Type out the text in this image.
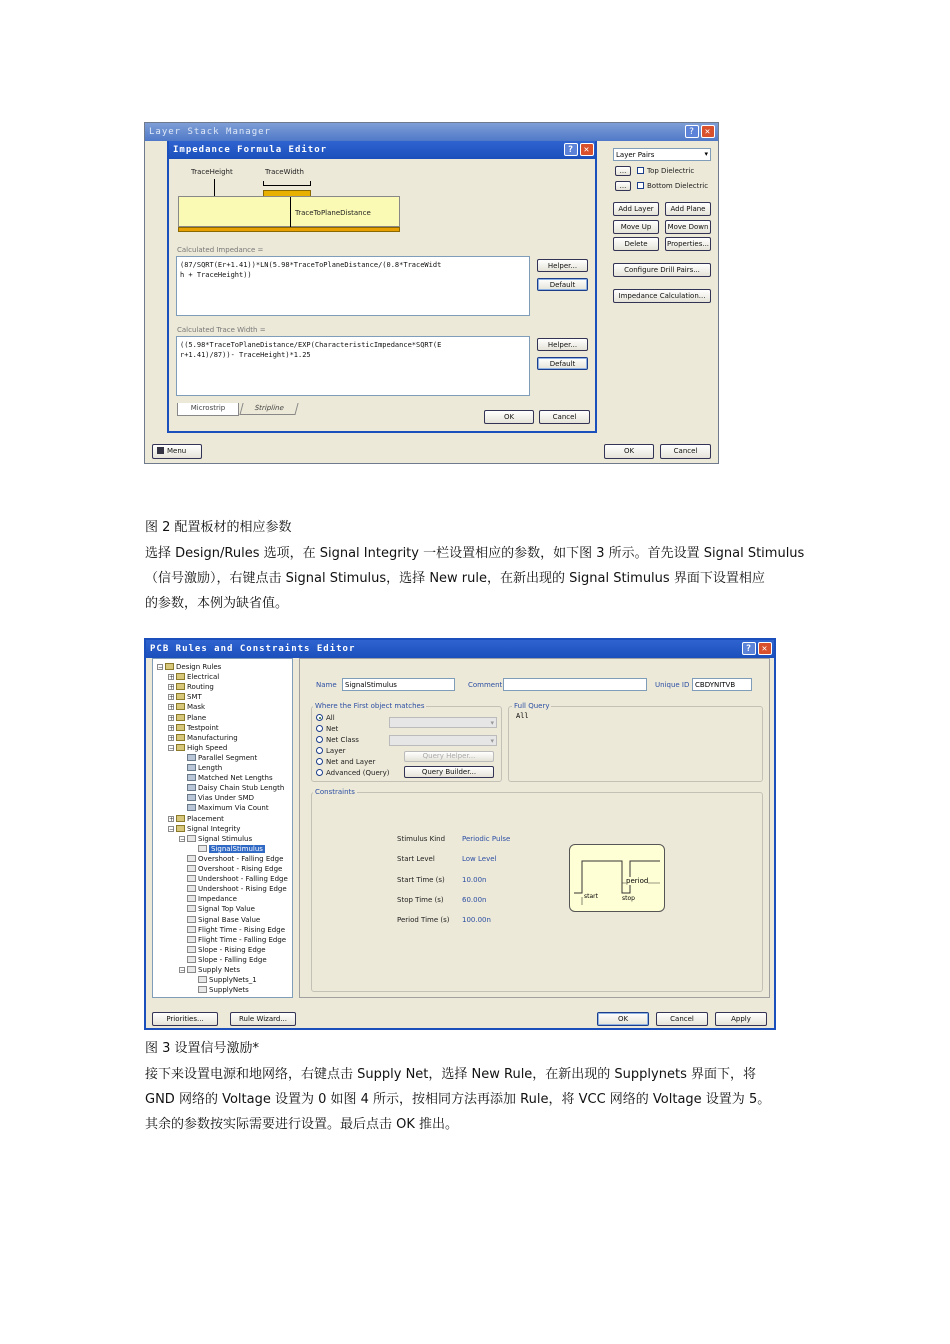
Layer Stack Manager	?	✕
Layer Pairs	▾
...	Top Dielectric
...	Bottom Dielectric
Add Layer	Add Plane
Move Up	Move Down
Delete	Properties...
Configure Drill Pairs...
Impedance Calculation...
Menu	OK	Cancel
Impedance Formula Editor	?	✕
TraceHeight	TraceWidth
TraceToPlaneDistance
Calculated Impedance =
(87/SQRT(Er+1.41))*LN(5.98*TraceToPlaneDistance/(0.8*TraceWidt
h + TraceHeight))
Helper...
Default
Calculated Trace Width =
((5.98*TraceToPlaneDistance/EXP(CharacteristicImpedance*SQRT(E
r+1.41)/87))- TraceHeight)*1.25
Helper...
Default
Microstrip	Stripline
OK	Cancel
图 2 配置板材的相应参数
选择 Design/Rules 选项，在 Signal Integrity 一栏设置相应的参数，如下图 3 所示。首先设置 Signal Stimulus
（信号激励），右键点击 Signal Stimulus，选择 New rule，在新出现的 Signal Stimulus 界面下设置相应
的参数，本例为缺省值。
PCB Rules and Constraints Editor	?	✕
− Design Rules
+ Electrical
+ Routing
+ SMT
+ Mask
+ Plane
+ Testpoint
+ Manufacturing
− High Speed
Parallel Segment
Length
Matched Net Lengths
Daisy Chain Stub Length
Vias Under SMD
Maximum Via Count
+ Placement
− Signal Integrity
− Signal Stimulus
SignalStimulus
Overshoot - Falling Edge
Overshoot - Rising Edge
Undershoot - Falling Edge
Undershoot - Rising Edge
Impedance
Signal Top Value
Signal Base Value
Flight Time - Rising Edge
Flight Time - Falling Edge
Slope - Rising Edge
Slope - Falling Edge
− Supply Nets
SupplyNets_1
SupplyNets
Name	SignalStimulus	Comment	Unique ID CBDYNITVB
Where the First object matches
All
Net
Net Class
Layer
Net and Layer
Advanced (Query)
▾
▾
Query Helper...
Query Builder...
Full Query
All
Constraints
Stimulus Kind Periodic Pulse
Start Level	Low Level
Start Time (s) 10.00n
Stop Time (s)	60.00n
Period Time (s) 100.00n
period
start	stop
Priorities...	Rule Wizard...	OK	Cancel	Apply
图 3 设置信号激励*
接下来设置电源和地网络，右键点击 Supply Net，选择 New Rule，在新出现的 Supplynets 界面下，将
GND 网络的 Voltage 设置为 0 如图 4 所示，按相同方法再添加 Rule，将 VCC 网络的 Voltage 设置为 5。
其余的参数按实际需要进行设置。最后点击 OK 推出。
